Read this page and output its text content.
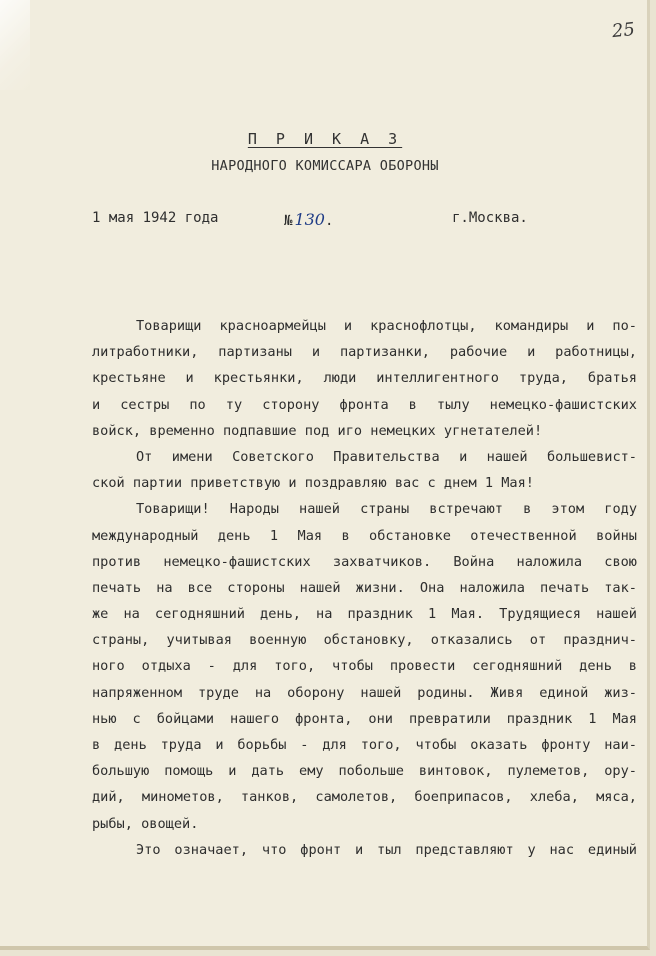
25
П Р И К А З
НАРОДНОГО КОМИССАРА ОБОРОНЫ
1 мая 1942 года	№ 130.	г.Москва.
Товарищи красноармейцы и краснофлотцы, командиры и по-
литработники, партизаны и партизанки, рабочие и работницы,
крестьяне и крестьянки, люди интеллигентного труда, братья
и сестры по ту сторону фронта в тылу немецко-фашистских
войск, временно подпавшие под иго немецких угнетателей!
От имени Советского Правительства и нашей большевист-
ской партии приветствую и поздравляю вас с днем 1 Мая!
Товарищи! Народы нашей страны встречают в этом году
международный день 1 Мая в обстановке отечественной войны
против немецко-фашистских захватчиков. Война наложила свою
печать на все стороны нашей жизни. Она наложила печать так-
же на сегодняшний день, на праздник 1 Мая. Трудящиеся нашей
страны, учитывая военную обстановку, отказались от празднич-
ного отдыха - для того, чтобы провести сегодняшний день в
напряженном труде на оборону нашей родины. Живя единой жиз-
нью с бойцами нашего фронта, они превратили праздник 1 Мая
в день труда и борьбы - для того, чтобы оказать фронту наи-
большую помощь и дать ему побольше винтовок, пулеметов, ору-
дий, минометов, танков, самолетов, боеприпасов, хлеба, мяса,
рыбы, овощей.
Это означает, что фронт и тыл представляют у нас единый
